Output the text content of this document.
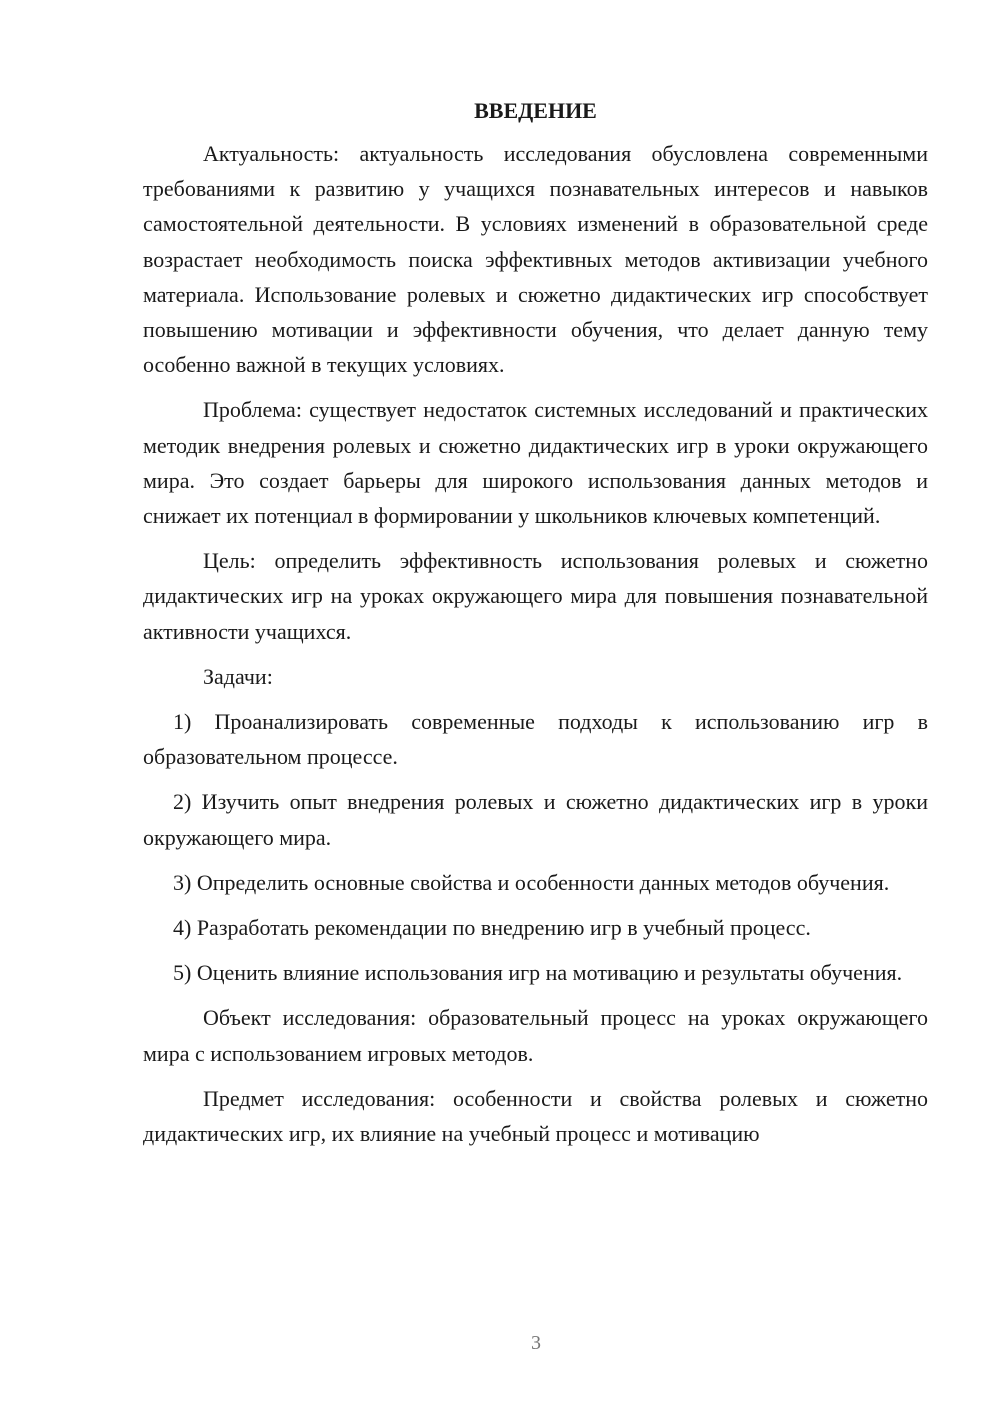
ВВЕДЕНИЕ

Актуальность: актуальность исследования обусловлена современными требованиями к развитию у учащихся познавательных интересов и навыков самостоятельной деятельности. В условиях изменений в образовательной среде возрастает необходимость поиска эффективных методов активизации учебного материала. Использование ролевых и сюжетно дидактических игр способствует повышению мотивации и эффективности обучения, что делает данную тему особенно важной в текущих условиях.

Проблема: существует недостаток системных исследований и практических методик внедрения ролевых и сюжетно дидактических игр в уроки окружающего мира. Это создает барьеры для широкого использования данных методов и снижает их потенциал в формировании у школьников ключевых компетенций.

Цель: определить эффективность использования ролевых и сюжетно дидактических игр на уроках окружающего мира для повышения познавательной активности учащихся.

Задачи:

1) Проанализировать современные подходы к использованию игр в образовательном процессе.

2) Изучить опыт внедрения ролевых и сюжетно дидактических игр в уроки окружающего мира.

3) Определить основные свойства и особенности данных методов обучения.

4) Разработать рекомендации по внедрению игр в учебный процесс.

5) Оценить влияние использования игр на мотивацию и результаты обучения.

Объект исследования: образовательный процесс на уроках окружающего мира с использованием игровых методов.

Предмет исследования: особенности и свойства ролевых и сюжетно дидактических игр, их влияние на учебный процесс и мотивацию

3
